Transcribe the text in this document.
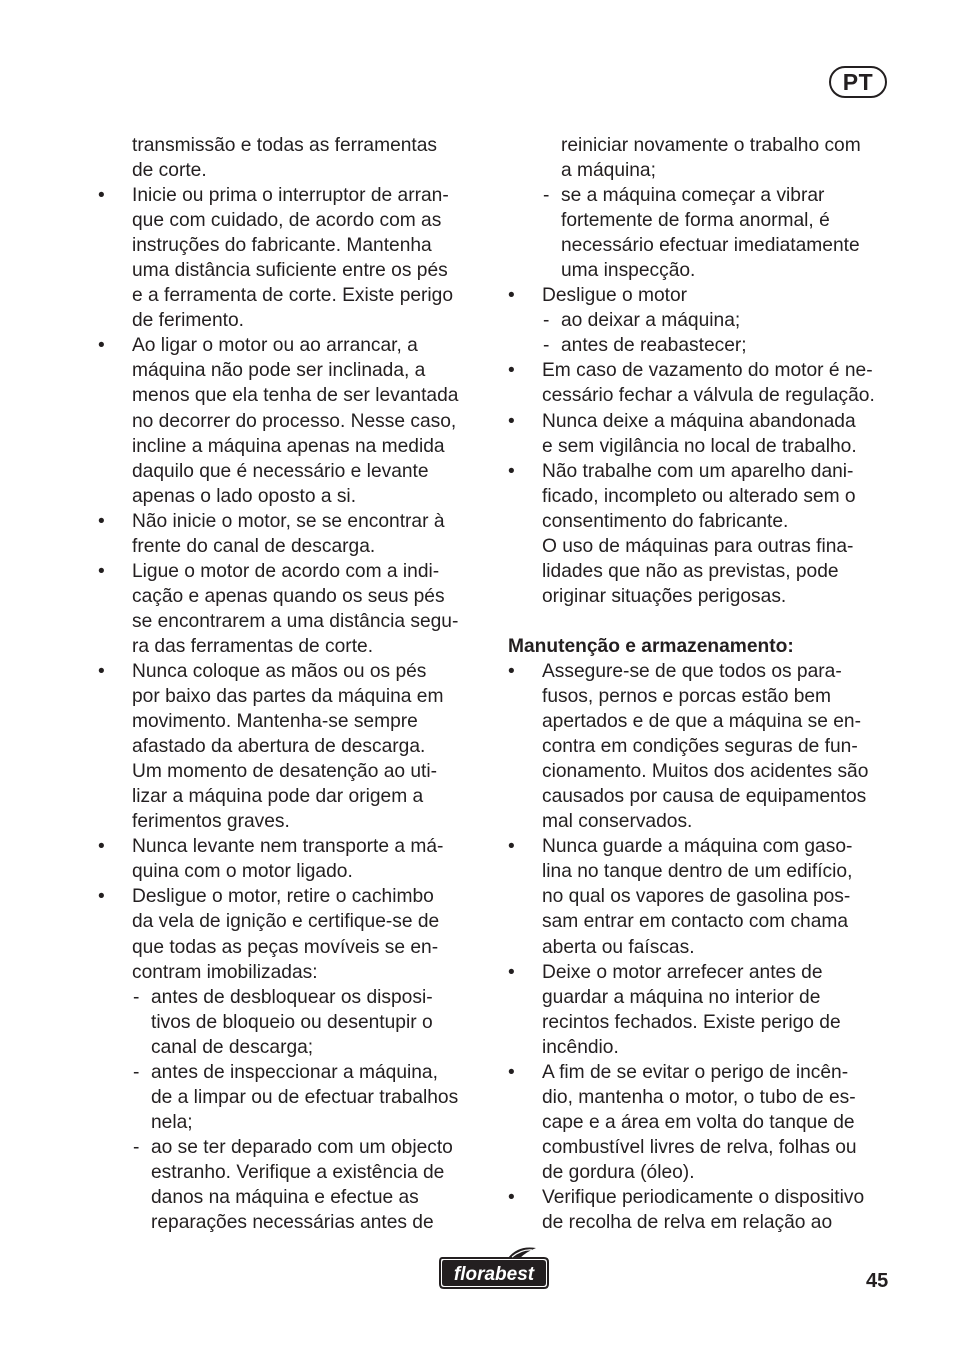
PT
transmissão e todas as ferramentas
de corte.
• Inicie ou prima o interruptor de arran-
que com cuidado, de acordo com as
instruções do fabricante. Mantenha
uma distância suficiente entre os pés
e a ferramenta de corte. Existe perigo
de ferimento.
• Ao ligar o motor ou ao arrancar, a
máquina não pode ser inclinada, a
menos que ela tenha de ser levantada
no decorrer do processo. Nesse caso,
incline a máquina apenas na medida
daquilo que é necessário e levante
apenas o lado oposto a si.
• Não inicie o motor, se se encontrar à
frente do canal de descarga.
• Ligue o motor de acordo com a indi-
cação e apenas quando os seus pés
se encontrarem a uma distância segu-
ra das ferramentas de corte.
• Nunca coloque as mãos ou os pés
por baixo das partes da máquina em
movimento. Mantenha-se sempre
afastado da abertura de descarga.
Um momento de desatenção ao uti-
lizar a máquina pode dar origem a
ferimentos graves.
• Nunca levante nem transporte a má-
quina com o motor ligado.
• Desligue o motor, retire o cachimbo
da vela de ignição e certifique-se de
que todas as peças movíveis se en-
contram imobilizadas:
- antes de desbloquear os disposi-
tivos de bloqueio ou desentupir o
canal de descarga;
- antes de inspeccionar a máquina,
de a limpar ou de efectuar trabalhos
nela;
- ao se ter deparado com um objecto
estranho. Verifique a existência de
danos na máquina e efectue as
reparações necessárias antes de
reiniciar novamente o trabalho com
a máquina;
- se a máquina começar a vibrar
fortemente de forma anormal, é
necessário efectuar imediatamente
uma inspecção.
• Desligue o motor
- ao deixar a máquina;
- antes de reabastecer;
• Em caso de vazamento do motor é ne-
cessário fechar a válvula de regulação.
• Nunca deixe a máquina abandonada
e sem vigilância no local de trabalho.
• Não trabalhe com um aparelho dani-
ficado, incompleto ou alterado sem o
consentimento do fabricante.
O uso de máquinas para outras fina-
lidades que não as previstas, pode
originar situações perigosas.
Manutenção e armazenamento:
• Assegure-se de que todos os para-
fusos, pernos e porcas estão bem
apertados e de que a máquina se en-
contra em condições seguras de fun-
cionamento. Muitos dos acidentes são
causados por causa de equipamentos
mal conservados.
• Nunca guarde a máquina com gaso-
lina no tanque dentro de um edifício,
no qual os vapores de gasolina pos-
sam entrar em contacto com chama
aberta ou faíscas.
• Deixe o motor arrefecer antes de
guardar a máquina no interior de
recintos fechados. Existe perigo de
incêndio.
• A fim de se evitar o perigo de incên-
dio, mantenha o motor, o tubo de es-
cape e a área em volta do tanque de
combustível livres de relva, folhas ou
de gordura (óleo).
• Verifique periodicamente o dispositivo
de recolha de relva em relação ao
florabest	45
